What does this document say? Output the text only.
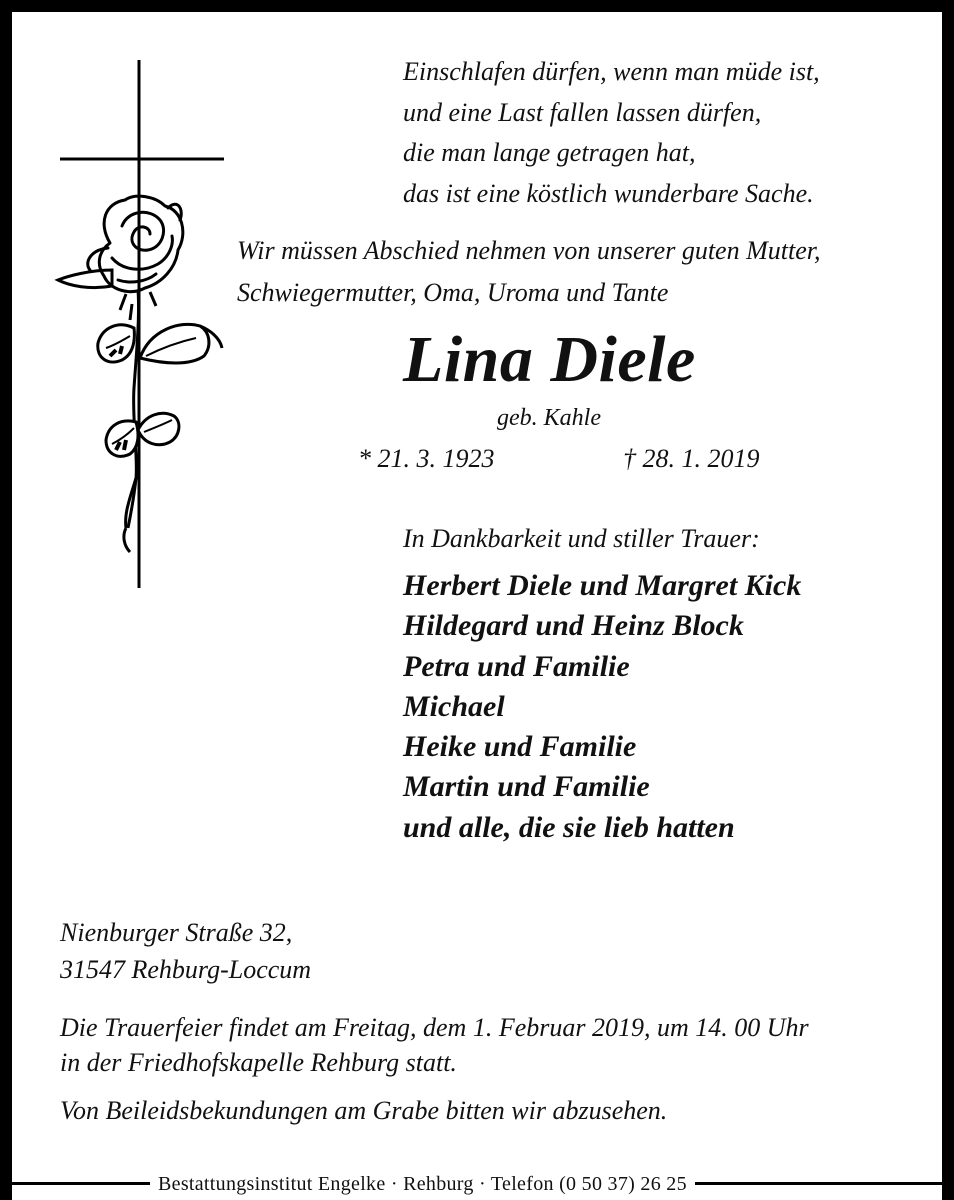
Einschlafen dürfen, wenn man müde ist,
und eine Last fallen lassen dürfen,
die man lange getragen hat,
das ist eine köstlich wunderbare Sache.
Wir müssen Abschied nehmen von unserer guten Mutter,
Schwiegermutter, Oma, Uroma und Tante
Lina Diele
geb. Kahle
* 21. 3. 1923	† 28. 1. 2019
In Dankbarkeit und stiller Trauer:
Herbert Diele und Margret Kick
Hildegard und Heinz Block
Petra und Familie
Michael
Heike und Familie
Martin und Familie
und alle, die sie lieb hatten
Nienburger Straße 32,
31547 Rehburg-Loccum
Die Trauerfeier findet am Freitag, dem 1. Februar 2019, um 14. 00 Uhr
in der Friedhofskapelle Rehburg statt.
Von Beileidsbekundungen am Grabe bitten wir abzusehen.
Bestattungsinstitut Engelke · Rehburg · Telefon (0 50 37) 26 25
